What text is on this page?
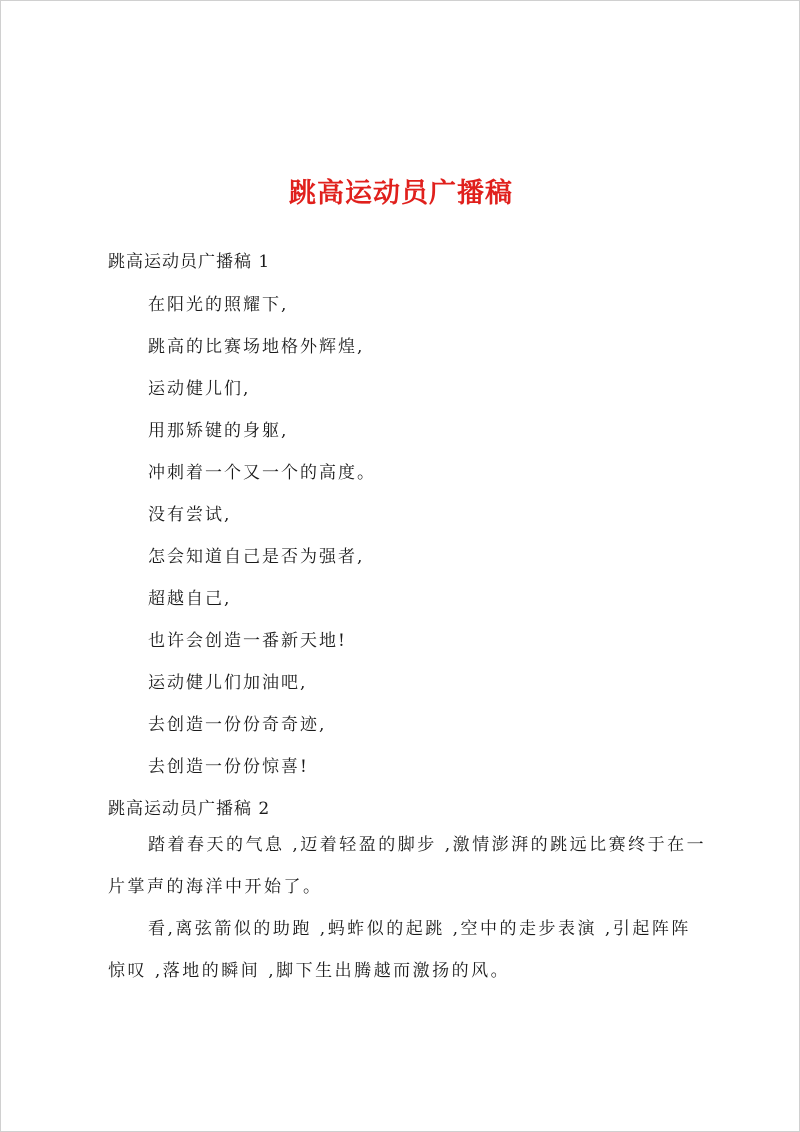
跳高运动员广播稿
跳高运动员广播稿 1
在阳光的照耀下,
跳高的比赛场地格外辉煌,
运动健儿们,
用那矫键的身躯,
冲刺着一个又一个的高度。
没有尝试,
怎会知道自己是否为强者,
超越自己,
也许会创造一番新天地!
运动健儿们加油吧,
去创造一份份奇奇迹,
去创造一份份惊喜!
跳高运动员广播稿 2
踏着春天的气息 ,迈着轻盈的脚步 ,激情澎湃的跳远比赛终于在一片掌声的海洋中开始了。
看,离弦箭似的助跑 ,蚂蚱似的起跳 ,空中的走步表演 ,引起阵阵惊叹 ,落地的瞬间 ,脚下生出腾越而激扬的风。
